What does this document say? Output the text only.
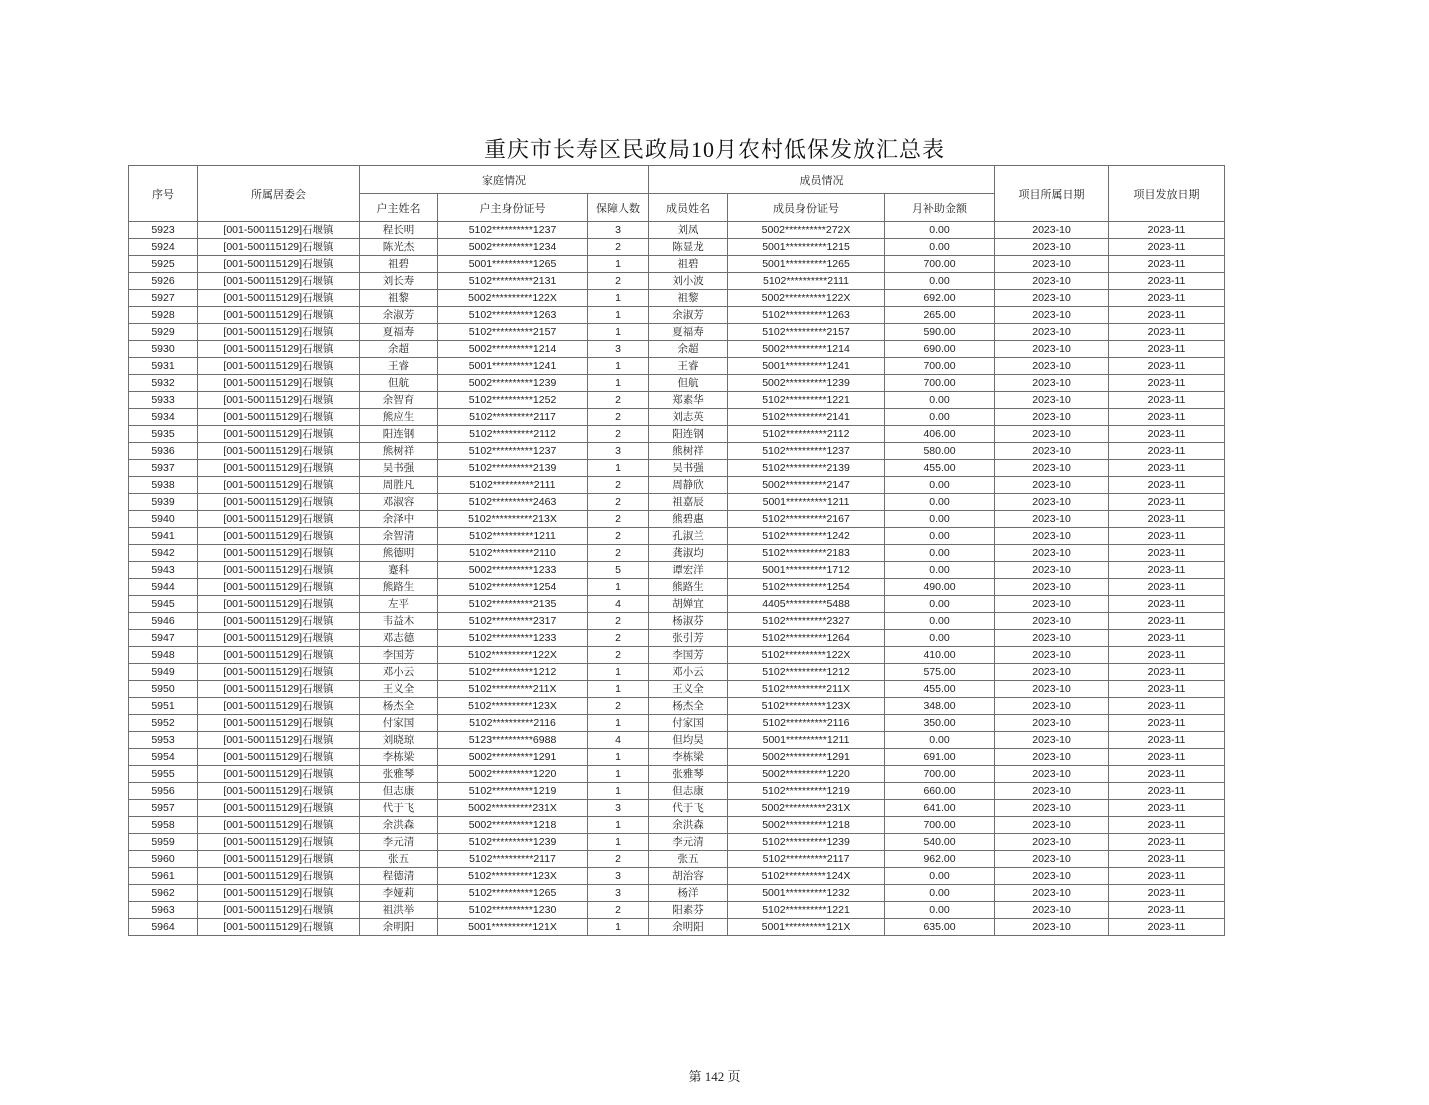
重庆市长寿区民政局10月农村低保发放汇总表
序号	所属居委会	家庭情况			成员情况			项目所属日期	项目发放日期
		户主姓名	户主身份证号	保障人数	成员姓名	成员身份证号	月补助金额		
5923	[001-500115129]石堰镇	程长明	5102**********1237	3	刘凤	5002**********272X	0.00	2023-10	2023-11
5924	[001-500115129]石堰镇	陈光杰	5002**********1234	2	陈显龙	5001**********1215	0.00	2023-10	2023-11
5925	[001-500115129]石堰镇	祖碧	5001**********1265	1	祖碧	5001**********1265	700.00	2023-10	2023-11
5926	[001-500115129]石堰镇	刘长寿	5102**********2131	2	刘小波	5102**********2111	0.00	2023-10	2023-11
5927	[001-500115129]石堰镇	祖黎	5002**********122X	1	祖黎	5002**********122X	692.00	2023-10	2023-11
5928	[001-500115129]石堰镇	余淑芳	5102**********1263	1	余淑芳	5102**********1263	265.00	2023-10	2023-11
5929	[001-500115129]石堰镇	夏福寿	5102**********2157	1	夏福寿	5102**********2157	590.00	2023-10	2023-11
5930	[001-500115129]石堰镇	余超	5002**********1214	3	余超	5002**********1214	690.00	2023-10	2023-11
5931	[001-500115129]石堰镇	王睿	5001**********1241	1	王睿	5001**********1241	700.00	2023-10	2023-11
5932	[001-500115129]石堰镇	但航	5002**********1239	1	但航	5002**********1239	700.00	2023-10	2023-11
5933	[001-500115129]石堰镇	余智育	5102**********1252	2	郑素华	5102**********1221	0.00	2023-10	2023-11
5934	[001-500115129]石堰镇	熊应生	5102**********2117	2	刘志英	5102**********2141	0.00	2023-10	2023-11
5935	[001-500115129]石堰镇	阳连钢	5102**********2112	2	阳连钢	5102**********2112	406.00	2023-10	2023-11
5936	[001-500115129]石堰镇	熊树祥	5102**********1237	3	熊树祥	5102**********1237	580.00	2023-10	2023-11
5937	[001-500115129]石堰镇	吴书强	5102**********2139	1	吴书强	5102**********2139	455.00	2023-10	2023-11
5938	[001-500115129]石堰镇	周胜凡	5102**********2111	2	周静欣	5002**********2147	0.00	2023-10	2023-11
5939	[001-500115129]石堰镇	邓淑容	5102**********2463	2	祖嘉辰	5001**********1211	0.00	2023-10	2023-11
5940	[001-500115129]石堰镇	余泽中	5102**********213X	2	熊碧惠	5102**********2167	0.00	2023-10	2023-11
5941	[001-500115129]石堰镇	余智清	5102**********1211	2	孔淑兰	5102**********1242	0.00	2023-10	2023-11
5942	[001-500115129]石堰镇	熊德明	5102**********2110	2	龚淑均	5102**********2183	0.00	2023-10	2023-11
5943	[001-500115129]石堰镇	蹇科	5002**********1233	5	谭宏洋	5001**********1712	0.00	2023-10	2023-11
5944	[001-500115129]石堰镇	熊路生	5102**********1254	1	熊路生	5102**********1254	490.00	2023-10	2023-11
5945	[001-500115129]石堰镇	左平	5102**********2135	4	胡婵宜	4405**********5488	0.00	2023-10	2023-11
5946	[001-500115129]石堰镇	韦益木	5102**********2317	2	杨淑芬	5102**********2327	0.00	2023-10	2023-11
5947	[001-500115129]石堰镇	邓志德	5102**********1233	2	张引芳	5102**********1264	0.00	2023-10	2023-11
5948	[001-500115129]石堰镇	李国芳	5102**********122X	2	李国芳	5102**********122X	410.00	2023-10	2023-11
5949	[001-500115129]石堰镇	邓小云	5102**********1212	1	邓小云	5102**********1212	575.00	2023-10	2023-11
5950	[001-500115129]石堰镇	王义全	5102**********211X	1	王义全	5102**********211X	455.00	2023-10	2023-11
5951	[001-500115129]石堰镇	杨杰全	5102**********123X	2	杨杰全	5102**********123X	348.00	2023-10	2023-11
5952	[001-500115129]石堰镇	付家国	5102**********2116	1	付家国	5102**********2116	350.00	2023-10	2023-11
5953	[001-500115129]石堰镇	刘晓琼	5123**********6988	4	但均昊	5001**********1211	0.00	2023-10	2023-11
5954	[001-500115129]石堰镇	李栋梁	5002**********1291	1	李栋梁	5002**********1291	691.00	2023-10	2023-11
5955	[001-500115129]石堰镇	张雅琴	5002**********1220	1	张雅琴	5002**********1220	700.00	2023-10	2023-11
5956	[001-500115129]石堰镇	但志康	5102**********1219	1	但志康	5102**********1219	660.00	2023-10	2023-11
5957	[001-500115129]石堰镇	代于飞	5002**********231X	3	代于飞	5002**********231X	641.00	2023-10	2023-11
5958	[001-500115129]石堰镇	余洪森	5002**********1218	1	余洪森	5002**********1218	700.00	2023-10	2023-11
5959	[001-500115129]石堰镇	李元清	5102**********1239	1	李元清	5102**********1239	540.00	2023-10	2023-11
5960	[001-500115129]石堰镇	张五	5102**********2117	2	张五	5102**********2117	962.00	2023-10	2023-11
5961	[001-500115129]石堰镇	程德清	5102**********123X	3	胡治容	5102**********124X	0.00	2023-10	2023-11
5962	[001-500115129]石堰镇	李娅莉	5102**********1265	3	杨洋	5001**********1232	0.00	2023-10	2023-11
5963	[001-500115129]石堰镇	祖洪举	5102**********1230	2	阳素芬	5102**********1221	0.00	2023-10	2023-11
5964	[001-500115129]石堰镇	余明阳	5001**********121X	1	余明阳	5001**********121X	635.00	2023-10	2023-11
第 142 页
